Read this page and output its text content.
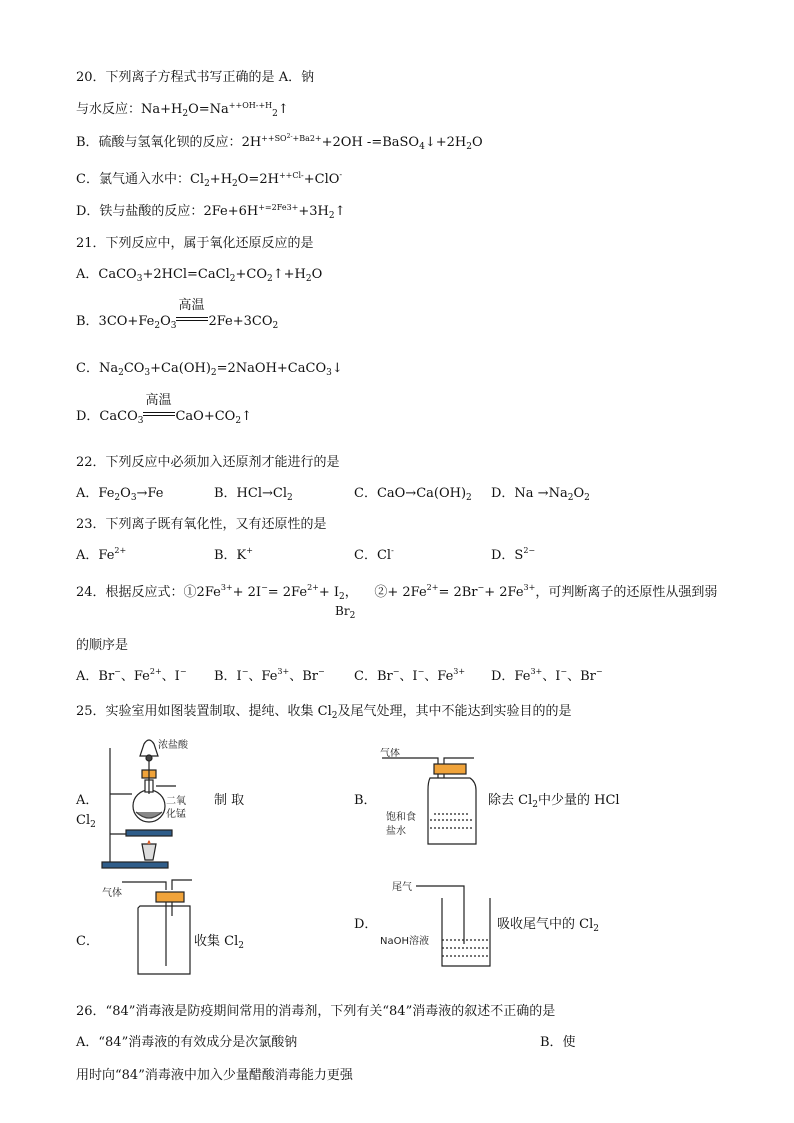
20．下列离子方程式书写正确的是 A．钠
与水反应：$Na+H_2O=Na^{++OH-+H}_2↑$
B．硫酸与氢氧化钡的反应：$2H^{++SO2-+Ba2+}+2OH$ $-=BaSO_4↓+2H_2O$
C．氯气通入水中：$Cl_2+H_2O=2H^{++Cl-}+ClO^-$
D．铁与盐酸的反应：$2Fe+6H^{+=2Fe3+}+3H_2↑$
21．下列反应中，属于氧化还原反应的是
A．$CaCO_3+2HCl=CaCl_2+CO_2↑+H_2O$
B．$3CO+Fe_2O_3$
高温
$2Fe+3CO_2$
C．$Na_2CO_3+Ca(OH)_2=2NaOH+CaCO_3↓$
D．CaCO$_3$
高温
$CaO+CO_2↑$
22．下列反应中必须加入还原剂才能进行的是
A．$Fe_2O_3\to Fe$	B．$HCl\to Cl_2$	C．$CaO\to Ca(OH)_2$ D．$Na \to Na_2O_2$
23．下列离子既有氧化性，又有还原性的是
A．$Fe^{2+}$	B．K+	C．Cl-	D．$S^{2-}$
24．根据反应式：$①2Fe^{3+}+ 2I^-= 2Fe^{2+}+ I_2$， ②+ $2Fe^{2+}= 2Br^-+ 2Fe^{3+}$，可判断离子的还原性从强到弱
$Br_2$
的顺序是
A．Br−、$Fe^{2+}$、I− B．I−、$Fe^{3+}$、Br− C．Br−、I−、$Fe^{3+}$ D．$Fe^{3+}$、I−、Br−
25．实验室用如图装置制取、提纯、收集 $Cl_2$及尾气处理，其中不能达到实验目的的是
A．
$Cl_2$
制 取
浓盐酸
二氧
化锰
B．	除去 $Cl_2$中少量的 HCl
气体
饱和食
盐水
C．	收集 $Cl_2$
气体
D．	吸收尾气中的 $Cl_2$
尾气
NaOH溶液
26．“84”消毒液是防疫期间常用的消毒剂，下列有关“84”消毒液的叙述不正确的是
A．“84”消毒液的有效成分是次氯酸钠	B．使
用时向“84”消毒液中加入少量醋酸消毒能力更强
